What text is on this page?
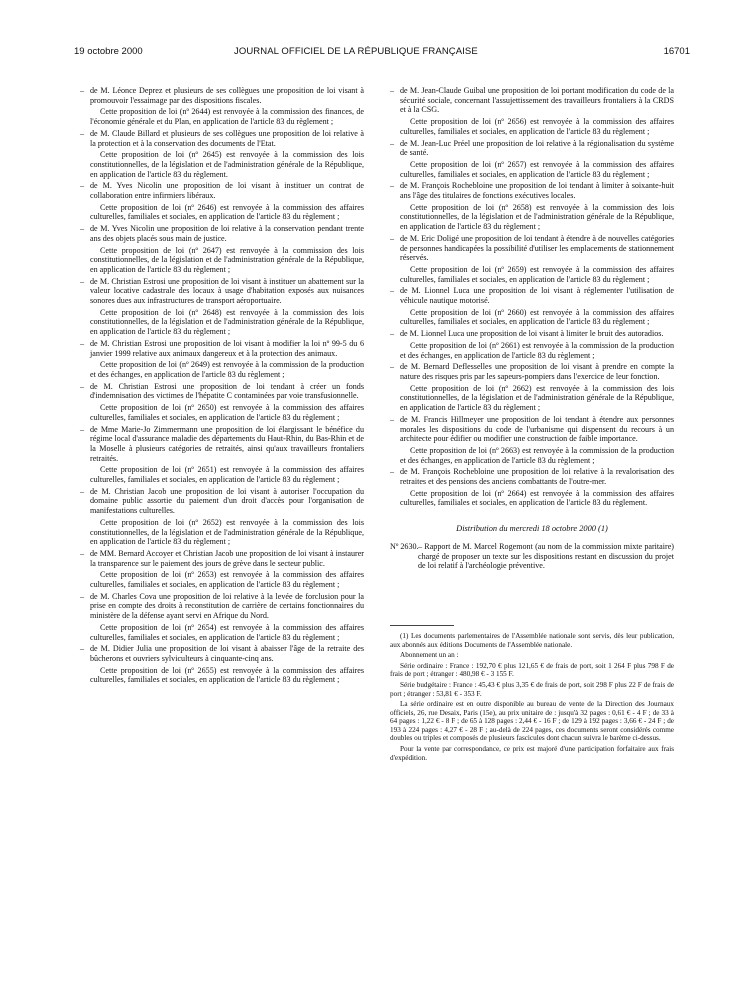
19 octobre 2000	JOURNAL OFFICIEL DE LA RÉPUBLIQUE FRANÇAISE	16701
– de M. Léonce Deprez et plusieurs de ses collègues une proposition de loi visant à promouvoir l'essaimage par des dispositions fiscales.

Cette proposition de loi (nº 2644) est renvoyée à la commission des finances, de l'économie générale et du Plan, en application de l'article 83 du règlement ;

– de M. Claude Billard et plusieurs de ses collègues une proposition de loi relative à la protection et à la conservation des documents de l'Etat.

Cette proposition de loi (nº 2645) est renvoyée à la commission des lois constitutionnelles, de la législation et de l'administration générale de la République, en application de l'article 83 du règlement.

– de M. Yves Nicolin une proposition de loi visant à instituer un contrat de collaboration entre infirmiers libéraux.

Cette proposition de loi (nº 2646) est renvoyée à la commission des affaires culturelles, familiales et sociales, en application de l'article 83 du règlement ;

– de M. Yves Nicolin une proposition de loi relative à la conservation pendant trente ans des objets placés sous main de justice.

Cette proposition de loi (nº 2647) est renvoyée à la commission des lois constitutionnelles, de la législation et de l'administration générale de la République, en application de l'article 83 du règlement ;

– de M. Christian Estrosi une proposition de loi visant à instituer un abattement sur la valeur locative cadastrale des locaux à usage d'habitation exposés aux nuisances sonores dues aux infrastructures de transport aéroportuaire.

Cette proposition de loi (nº 2648) est renvoyée à la commission des lois constitutionnelles, de la législation et de l'administration générale de la République, en application de l'article 83 du règlement ;

– de M. Christian Estrosi une proposition de loi visant à modifier la loi nº 99-5 du 6 janvier 1999 relative aux animaux dangereux et à la protection des animaux.

Cette proposition de loi (nº 2649) est renvoyée à la commission de la production et des échanges, en application de l'article 83 du règlement ;

– de M. Christian Estrosi une proposition de loi tendant à créer un fonds d'indemnisation des victimes de l'hépatite C contaminées par voie transfusionnelle.

Cette proposition de loi (nº 2650) est renvoyée à la commission des affaires culturelles, familiales et sociales, en application de l'article 83 du règlement ;

– de Mme Marie-Jo Zimmermann une proposition de loi élargissant le bénéfice du régime local d'assurance maladie des départements du Haut-Rhin, du Bas-Rhin et de la Moselle à plusieurs catégories de retraités, ainsi qu'aux travailleurs frontaliers retraités.

Cette proposition de loi (nº 2651) est renvoyée à la commission des affaires culturelles, familiales et sociales, en application de l'article 83 du règlement ;

– de M. Christian Jacob une proposition de loi visant à autoriser l'occupation du domaine public assortie du paiement d'un droit d'accès pour l'organisation de manifestations culturelles.

Cette proposition de loi (nº 2652) est renvoyée à la commission des lois constitutionnelles, de la législation et de l'administration générale de la République, en application de l'article 83 du règlement ;

– de MM. Bernard Accoyer et Christian Jacob une proposition de loi visant à instaurer la transparence sur le paiement des jours de grève dans le secteur public.

Cette proposition de loi (nº 2653) est renvoyée à la commission des affaires culturelles, familiales et sociales, en application de l'article 83 du règlement ;

– de M. Charles Cova une proposition de loi relative à la levée de forclusion pour la prise en compte des droits à reconstitution de carrière de certains fonctionnaires du ministère de la défense ayant servi en Afrique du Nord.

Cette proposition de loi (nº 2654) est renvoyée à la commission des affaires culturelles, familiales et sociales, en application de l'article 83 du règlement ;

– de M. Didier Julia une proposition de loi visant à abaisser l'âge de la retraite des bûcherons et ouvriers sylviculteurs à cinquante-cinq ans.

Cette proposition de loi (nº 2655) est renvoyée à la commission des affaires culturelles, familiales et sociales, en application de l'article 83 du règlement ;

– de M. Jean-Claude Guibal une proposition de loi portant modification du code de la sécurité sociale, concernant l'assujettissement des travailleurs frontaliers à la CRDS et à la CSG.

Cette proposition de loi (nº 2656) est renvoyée à la commission des affaires culturelles, familiales et sociales, en application de l'article 83 du règlement ;

– de M. Jean-Luc Préel une proposition de loi relative à la régionalisation du système de santé.

Cette proposition de loi (nº 2657) est renvoyée à la commission des affaires culturelles, familiales et sociales, en application de l'article 83 du règlement ;

– de M. François Rochebloine une proposition de loi tendant à limiter à soixante-huit ans l'âge des titulaires de fonctions exécutives locales.

Cette proposition de loi (nº 2658) est renvoyée à la commission des lois constitutionnelles, de la législation et de l'administration générale de la République, en application de l'article 83 du règlement ;

– de M. Eric Doligé une proposition de loi tendant à étendre à de nouvelles catégories de personnes handicapées la possibilité d'utiliser les emplacements de stationnement réservés.

Cette proposition de loi (nº 2659) est renvoyée à la commission des affaires culturelles, familiales et sociales, en application de l'article 83 du règlement ;

– de M. Lionnel Luca une proposition de loi visant à réglementer l'utilisation de véhicule nautique motorisé.

Cette proposition de loi (nº 2660) est renvoyée à la commission des affaires culturelles, familiales et sociales, en application de l'article 83 du règlement ;

– de M. Lionnel Luca une proposition de loi visant à limiter le bruit des autoradios.

Cette proposition de loi (nº 2661) est renvoyée à la commission de la production et des échanges, en application de l'article 83 du règlement ;

– de M. Bernard Deflesselles une proposition de loi visant à prendre en compte la nature des risques pris par les sapeurs-pompiers dans l'exercice de leur fonction.

Cette proposition de loi (nº 2662) est renvoyée à la commission des lois constitutionnelles, de la législation et de l'administration générale de la République, en application de l'article 83 du règlement ;

– de M. Francis Hillmeyer une proposition de loi tendant à étendre aux personnes morales les dispositions du code de l'urbanisme qui dispensent du recours à un architecte pour édifier ou modifier une construction de faible importance.

Cette proposition de loi (nº 2663) est renvoyée à la commission de la production et des échanges, en application de l'article 83 du règlement ;

– de M. François Rochebloine une proposition de loi relative à la revalorisation des retraites et des pensions des anciens combattants de l'outre-mer.

Cette proposition de loi (nº 2664) est renvoyée à la commission des affaires culturelles, familiales et sociales, en application de l'article 83 du règlement.

Distribution du mercredi 18 octobre 2000 (1)

Nº 2630. – Rapport de M. Marcel Rogemont (au nom de la commission mixte paritaire) chargé de proposer un texte sur les dispositions restant en discussion du projet de loi relatif à l'archéologie préventive.

(1) Les documents parlementaires de l'Assemblée nationale sont servis, dès leur publication, aux abonnés aux éditions Documents de l'Assemblée nationale.

Abonnement un an :

Série ordinaire : France : 192,70 € plus 121,65 € de frais de port, soit 1 264 F plus 798 F de frais de port ; étranger : 480,98 € - 3 155 F.

Série budgétaire : France : 45,43 € plus 3,35 € de frais de port, soit 298 F plus 22 F de frais de port ; étranger : 53,81 € - 353 F.

La série ordinaire est en outre disponible au bureau de vente de la Direction des Journaux officiels, 26, rue Desaix, Paris (15e), au prix unitaire de : jusqu'à 32 pages : 0,61 € - 4 F ; de 33 à 64 pages : 1,22 € - 8 F ; de 65 à 128 pages : 2,44 € - 16 F ; de 129 à 192 pages : 3,66 € - 24 F ; de 193 à 224 pages : 4,27 € - 28 F ; au-delà de 224 pages, ces documents seront considérés comme doubles ou triples et composés de plusieurs fascicules dont chacun suivra le barème ci-dessus.

Pour la vente par correspondance, ce prix est majoré d'une participation forfaitaire aux frais d'expédition.
